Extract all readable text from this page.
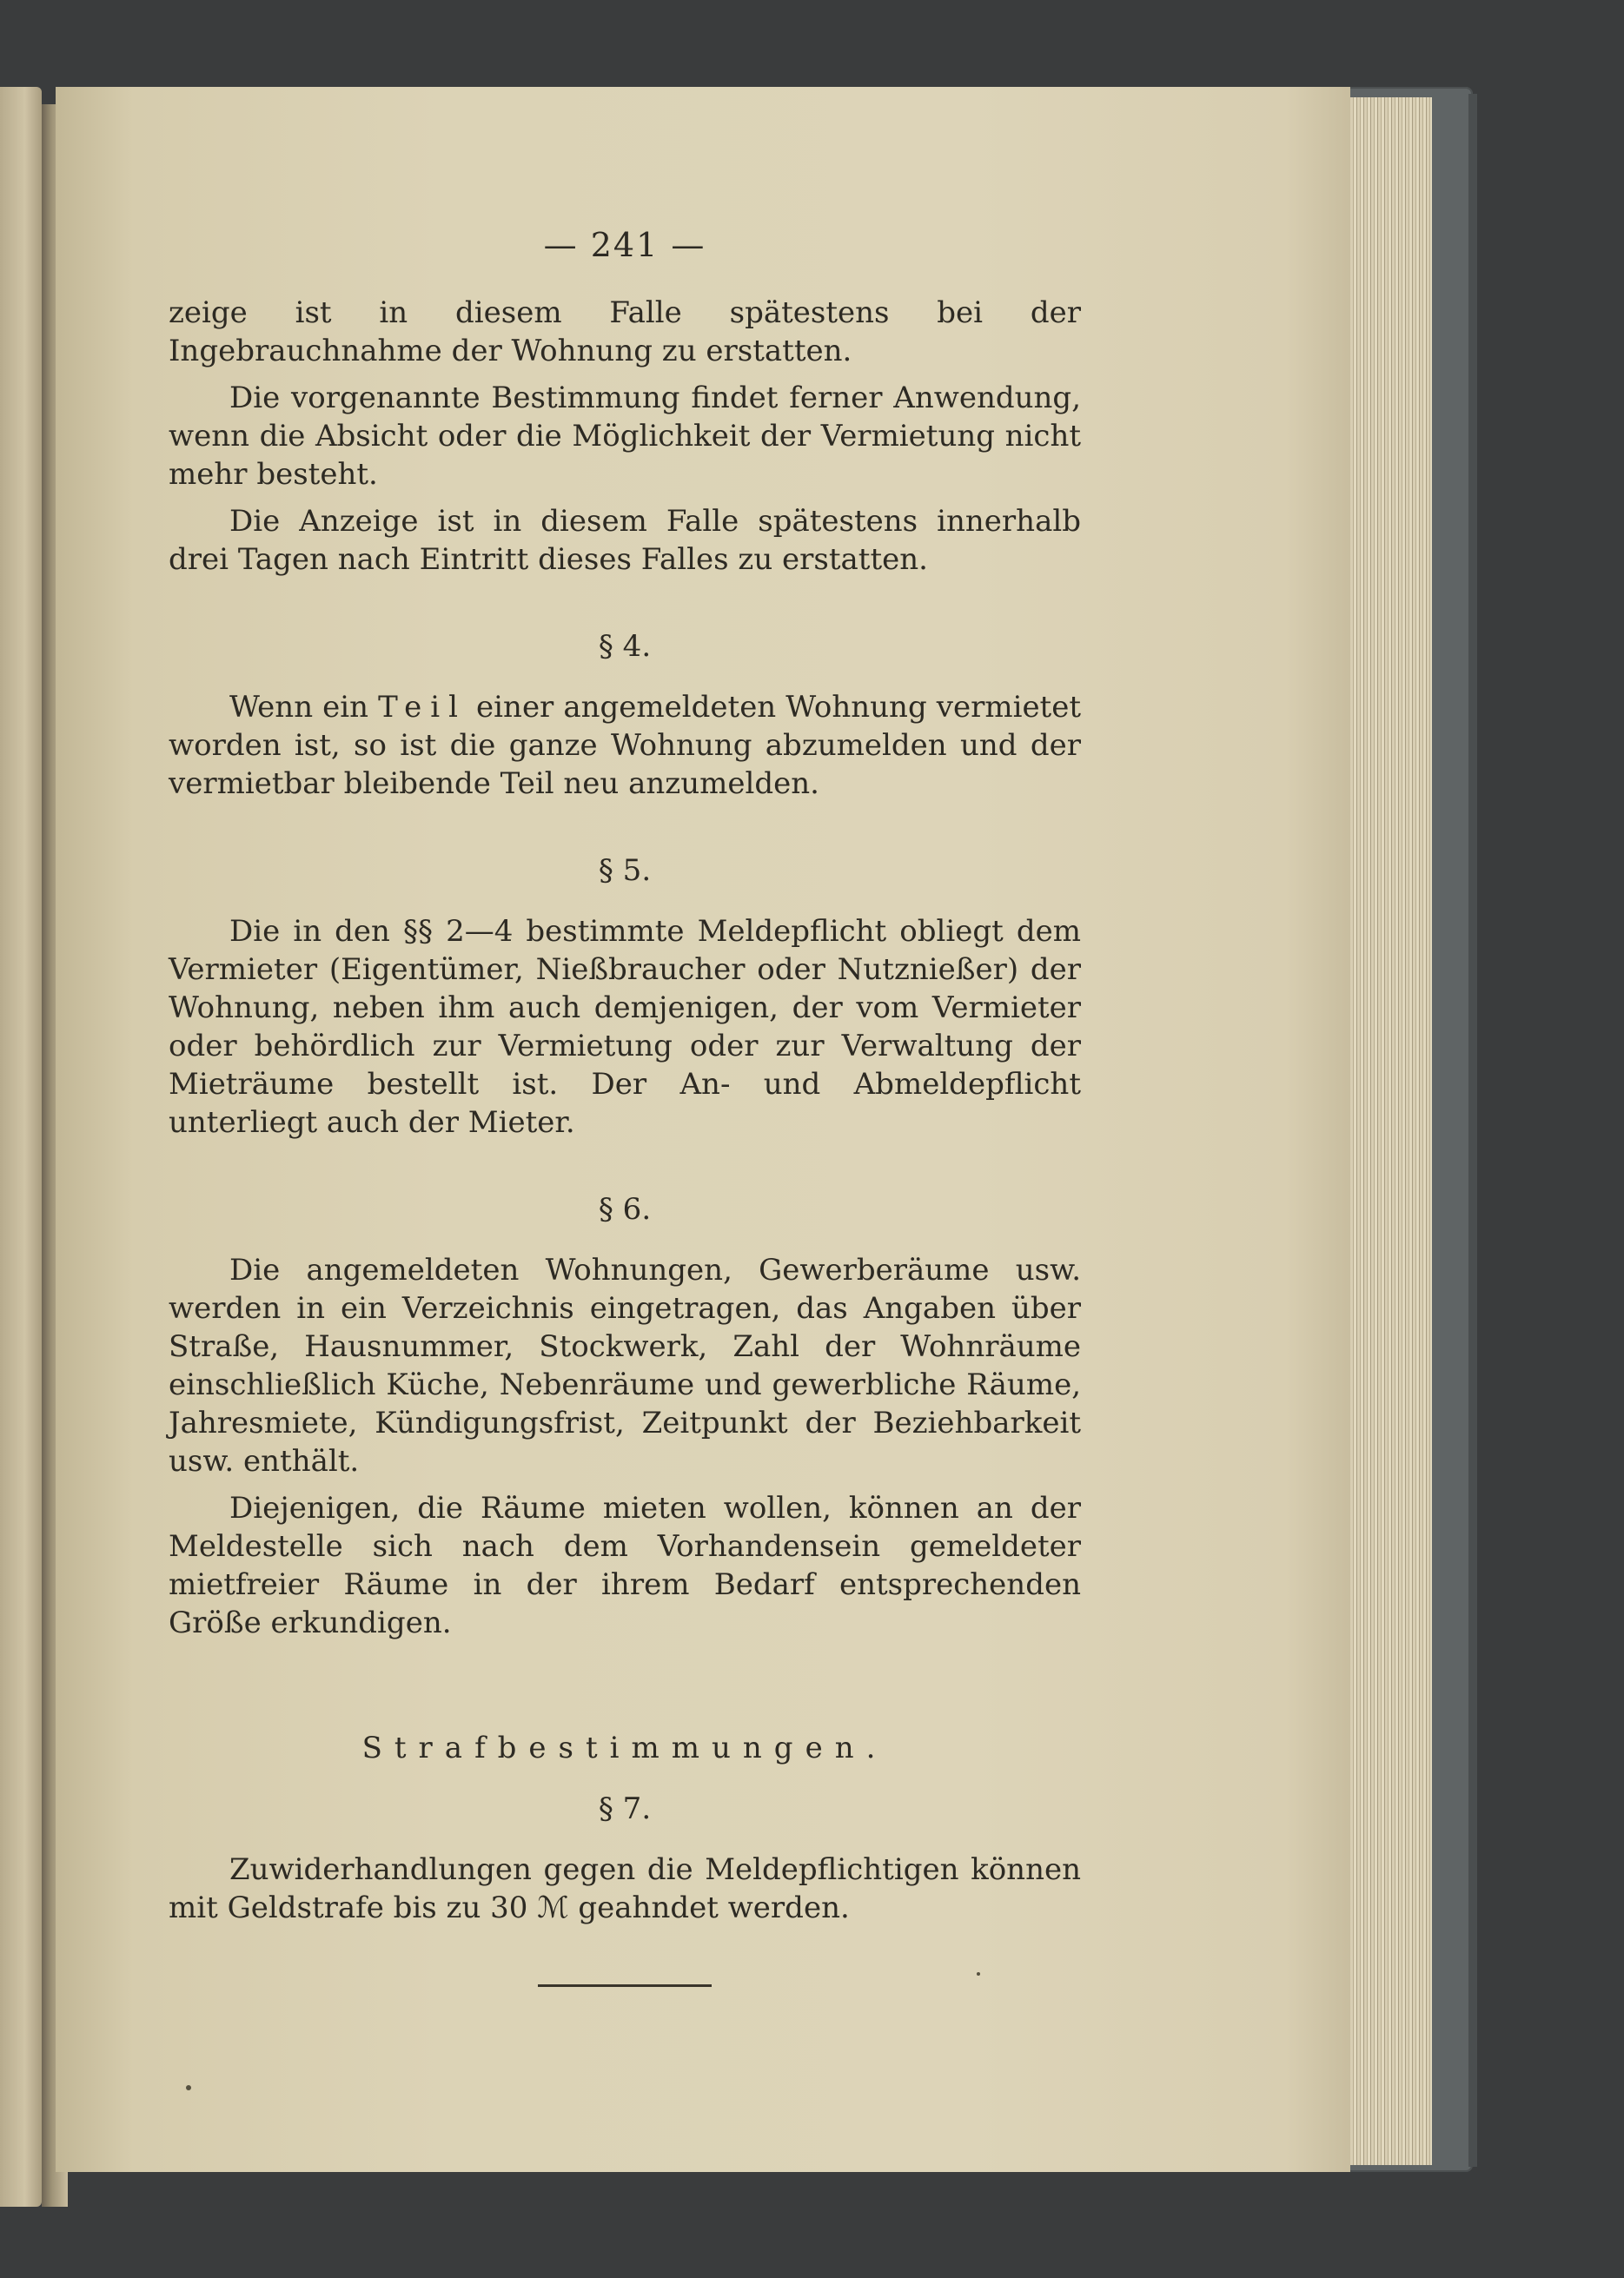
— 241 —

zeige ist in diesem Falle spätestens bei der Ingebrauchnahme der Wohnung zu erstatten.

Die vorgenannte Bestimmung findet ferner Anwendung, wenn die Absicht oder die Möglichkeit der Vermietung nicht mehr besteht.

Die Anzeige ist in diesem Falle spätestens innerhalb drei Tagen nach Eintritt dieses Falles zu erstatten.

§ 4.

Wenn ein Teil einer angemeldeten Wohnung vermietet worden ist, so ist die ganze Wohnung abzumelden und der vermietbar bleibende Teil neu anzumelden.

§ 5.

Die in den §§ 2—4 bestimmte Meldepflicht obliegt dem Vermieter (Eigentümer, Nießbraucher oder Nutznießer) der Wohnung, neben ihm auch demjenigen, der vom Vermieter oder behördlich zur Vermietung oder zur Verwaltung der Mieträume bestellt ist. Der An- und Abmeldepflicht unterliegt auch der Mieter.

§ 6.

Die angemeldeten Wohnungen, Gewerberäume usw. werden in ein Verzeichnis eingetragen, das Angaben über Straße, Hausnummer, Stockwerk, Zahl der Wohnräume einschließlich Küche, Nebenräume und gewerbliche Räume, Jahresmiete, Kündigungsfrist, Zeitpunkt der Beziehbarkeit usw. enthält.

Diejenigen, die Räume mieten wollen, können an der Meldestelle sich nach dem Vorhandensein gemeldeter mietfreier Räume in der ihrem Bedarf entsprechenden Größe erkundigen.

Strafbestimmungen.
§ 7.

Zuwiderhandlungen gegen die Meldepflichtigen können mit Geldstrafe bis zu 30 ℳ geahndet werden.
